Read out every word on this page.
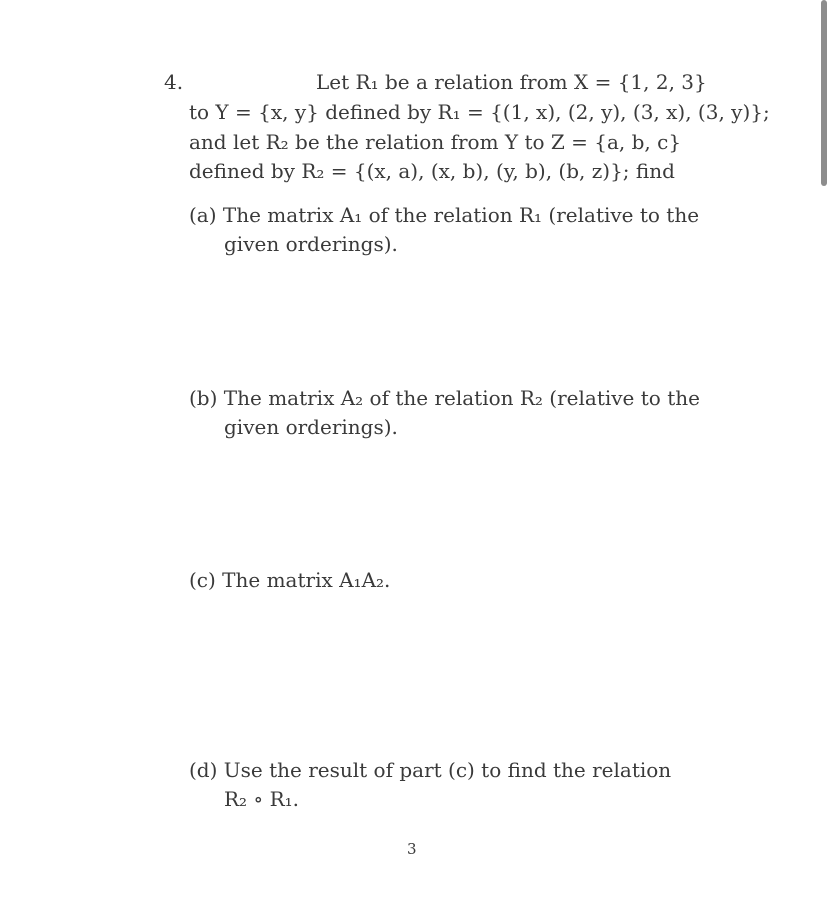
4.	Let R₁ be a relation from X = {1, 2, 3}
to Y = {x, y} defined by R₁ = {(1, x), (2, y), (3, x), (3, y)};
and let R₂ be the relation from Y to Z = {a, b, c}
defined by R₂ = {(x, a), (x, b), (y, b), (b, z)}; find
(a) The matrix A₁ of the relation R₁ (relative to the
given orderings).
(b) The matrix A₂ of the relation R₂ (relative to the
given orderings).
(c) The matrix A₁A₂.
(d) Use the result of part (c) to find the relation
R₂ ∘ R₁.
3
